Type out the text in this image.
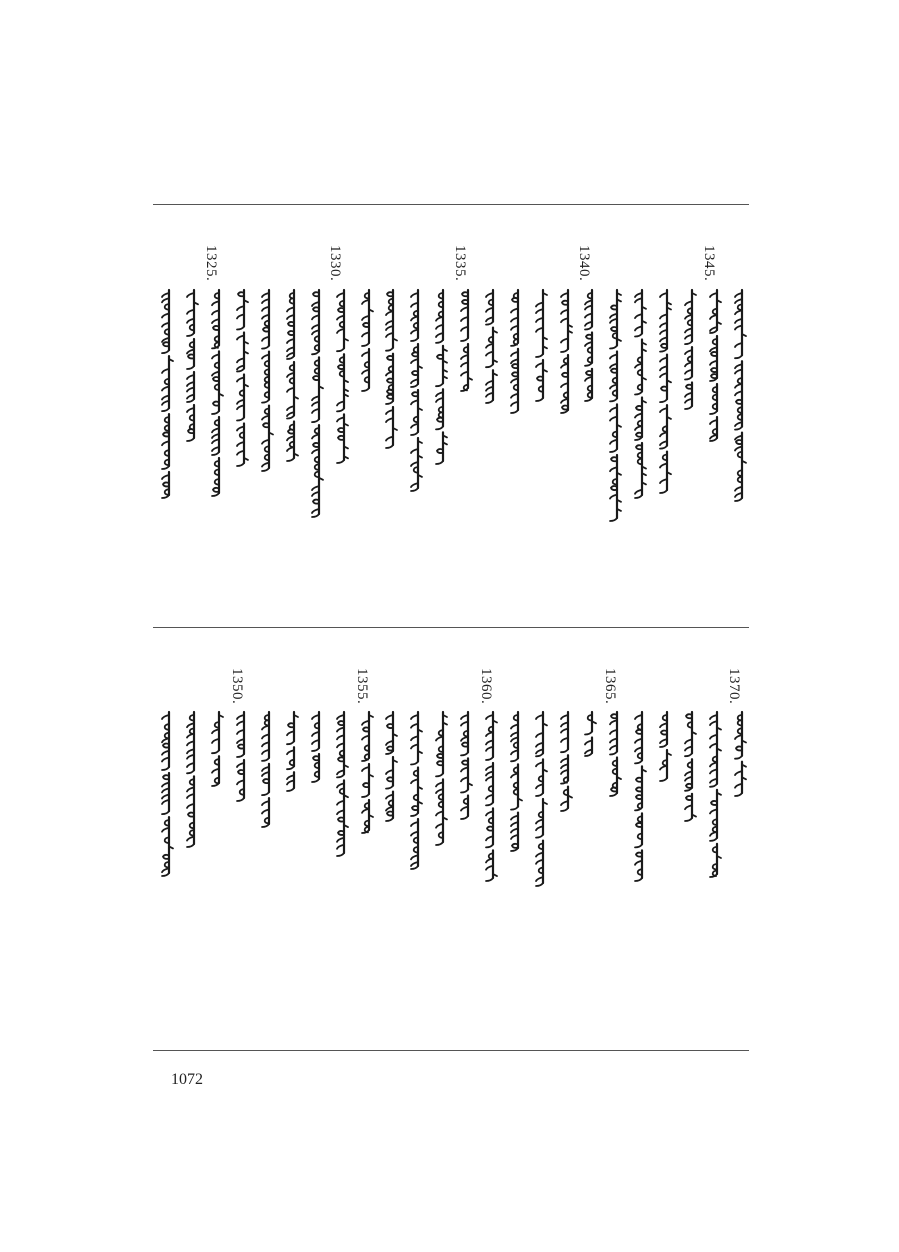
1345.
1340.
1335.
1330.
1325.
1370.
1365.
1360.
1355.
1350.
1072
